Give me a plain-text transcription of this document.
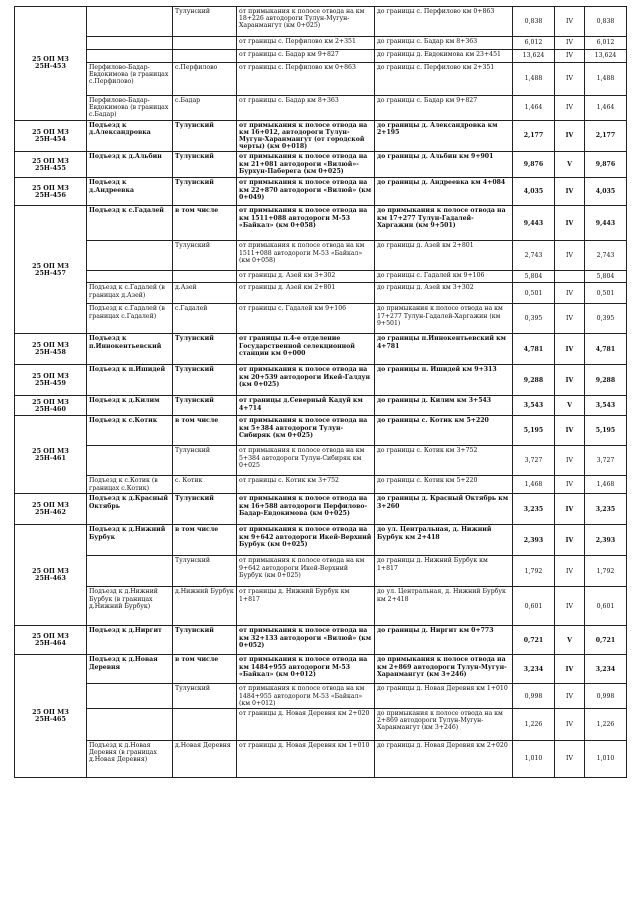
25 ОП МЗ 25Н-453		Тулунский	от примыкания к полосе отвода на км 18+226 автодороги Тулун-Мугун-Харанмангут (км 0+025)	до границы с. Перфилово км 0+863	0,838	IV	0,838
			от границы с. Перфилово км 2+351	до границы с. Бадар км 8+363	6,012	IV	6,012
			от границы с. Бадар км 9+827	до границы д. Евдокимова км 23+451	13,624	IV	13,624
	Перфилово-Бадар-Евдокимова (в границах с.Перфилово)	с.Перфилово	от границы с. Перфилово км 0+863	до границы с. Перфилово км 2+351	1,488	IV	1,488
	Перфилово-Бадар-Евдокимова (в границах с.Бадар)	с.Бадар	от границы с. Бадар км 8+363	до границы с. Бадар км 9+827	1,464	IV	1,464
25 ОП МЗ 25Н-454	Подъезд к д.Александровка	Тулунский	от примыкания к полосе отвода на км 16+012, автодороги Тулун-Мугун-Харанмангут (от городской черты) (км 0+018)	до границы д. Александровка км 2+195	2,177	IV	2,177
25 ОП МЗ 25Н-455	Подъезд к д.Альбин	Тулунский	от примыкания к полосе отвода на км 21+081 автодороги «Вилюй»-Бурхун-Паберега (км 0+025)	до границы д. Альбин км 9+901	9,876	V	9,876
25 ОП МЗ 25Н-456	Подъезд к д.Андреевка	Тулунский	от примыкания к полосе отвода на км 22+870 автодороги «Вилюй» (км 0+049)	до границы д. Андреевка км 4+084	4,035	IV	4,035
25 ОП МЗ 25Н-457	Подъезд к с.Гадалей	в том числе	от примыкания к полосе отвода на км 1511+088 автодороги М-53 «Байкал» (км 0+058)	до примыкания к полосе отвода на км 17+277 Тулун-Гадалей-Харгажин (км 9+501)	9,443	IV	9,443
		Тулунский	от примыкания к полосе отвода на км 1511+088 автодороги М-53 «Байкал» (км 0+058)	до границы д. Азей км 2+801	2,743	IV	2,743
			от границы д. Азей км 3+302	до границы с. Гадалей км 9+106	5,804		5,804
	Подъезд к с.Гадалей (в границах д.Азей)	д.Азей	от границы д. Азей км 2+801	до границы д. Азей км 3+302	0,501	IV	0,501
	Подъезд к с.Гадалей (в границах с.Гадалей)	с.Гадалей	от границы с. Гадалей км 9+106	до примыкания к полосе отвода на км 17+277 Тулун-Гадалей-Харгажин (км 9+501)	0,395	IV	0,395
25 ОП МЗ 25Н-458	Подъезд к п.Иннокентьевский	Тулунский	от границы п.4-е отделение Государственной селекционной станции км 0+000	до границы п.Иннокентьевский км 4+781	4,781	IV	4,781
25 ОП МЗ 25Н-459	Подъезд к п.Ишидей	Тулунский	от примыкания к полосе отвода на км 20+539 автодороги Икей-Галдун (км 0+025)	до границы п. Ишидей км 9+313	9,288	IV	9,288
25 ОП МЗ 25Н-460	Подъезд к д.Килим	Тулунский	от границы д.Северный Кадуй км 4+714	до границы д. Килим км 3+543	3,543	V	3,543
25 ОП МЗ 25Н-461	Подъезд к с.Котик	в том числе	от примыкания к полосе отвода на км 5+384 автодороги Тулун-Сибиряк (км 0+025)	до границы с. Котик км 5+220	5,195	IV	5,195
		Тулунский	от примыкания к полосе отвода на км 5+384 автодороги Тулун-Сибиряк км 0+025	до границы с. Котик км 3+752	3,727	IV	3,727
	Подъезд к с.Котик (в границах с.Котик)	с. Котик	от границы с. Котик км 3+752	до границы с. Котик км 5+220	1,468	IV	1,468
25 ОП МЗ 25Н-462	Подъезд к д.Красный Октябрь	Тулунский	от примыкания к полосе отвода на км 16+588 автодороги Перфилово-Бадар-Евдокимова (км 0+025)	до границы д. Красный Октябрь км 3+260	3,235	IV	3,235
25 ОП МЗ 25Н-463	Подъезд к д.Нижний Бурбук	в том числе	от примыкания к полосе отвода на км 9+642 автодороги Икей-Верхний Бурбук (км 0+025)	до ул. Центральная, д. Нижний Бурбук км 2+418	2,393	IV	2,393
		Тулунский	от примыкания к полосе отвода на км 9+642 автодороги Икей-Верхний Бурбук (км 0+025)	до границы д. Нижний Бурбук км 1+817	1,792	IV	1,792
	Подъезд к д.Нижний Бурбук (в границах д.Нижний Бурбук)	д.Нижний Бурбук	от границы д. Нижний Бурбук км 1+817	до ул. Центральная, д. Нижний Бурбук км 2+418	0,601	IV	0,601
25 ОП МЗ 25Н-464	Подъезд к д.Ниргит	Тулунский	от примыкания к полосе отвода на км 32+133 автодороги «Вилюй» (км 0+052)	до границы д. Ниргит км 0+773	0,721	V	0,721
25 ОП МЗ 25Н-465	Подъезд к д.Новая Деревня	в том числе	от примыкания к полосе отвода на км 1484+955 автодороги М-53 «Байкал» (км 0+012)	до примыкания к полосе отвода на км 2+869 автодороги Тулун-Мугун-Харанмангут (км 3+246)	3,234	IV	3,234
		Тулунский	от примыкания к полосе отвода на км 1484+955 автодороги М-53 «Байкал» (км 0+012)	до границы д. Новая Деревня км 1+010	0,998	IV	0,998
			от границы д. Новая Деревня км 2+020	до примыкания к полосе отвода на км 2+869 автодороги Тулун-Мугун-Харанмангут (км 3+246)	1,226	IV	1,226
	Подъезд к д.Новая Деревня (в границах д.Новая Деревня)	д.Новая Деревня	от границы д. Новая Деревня км 1+010	до границы д. Новая Деревня км 2+020	1,010	IV	1,010
